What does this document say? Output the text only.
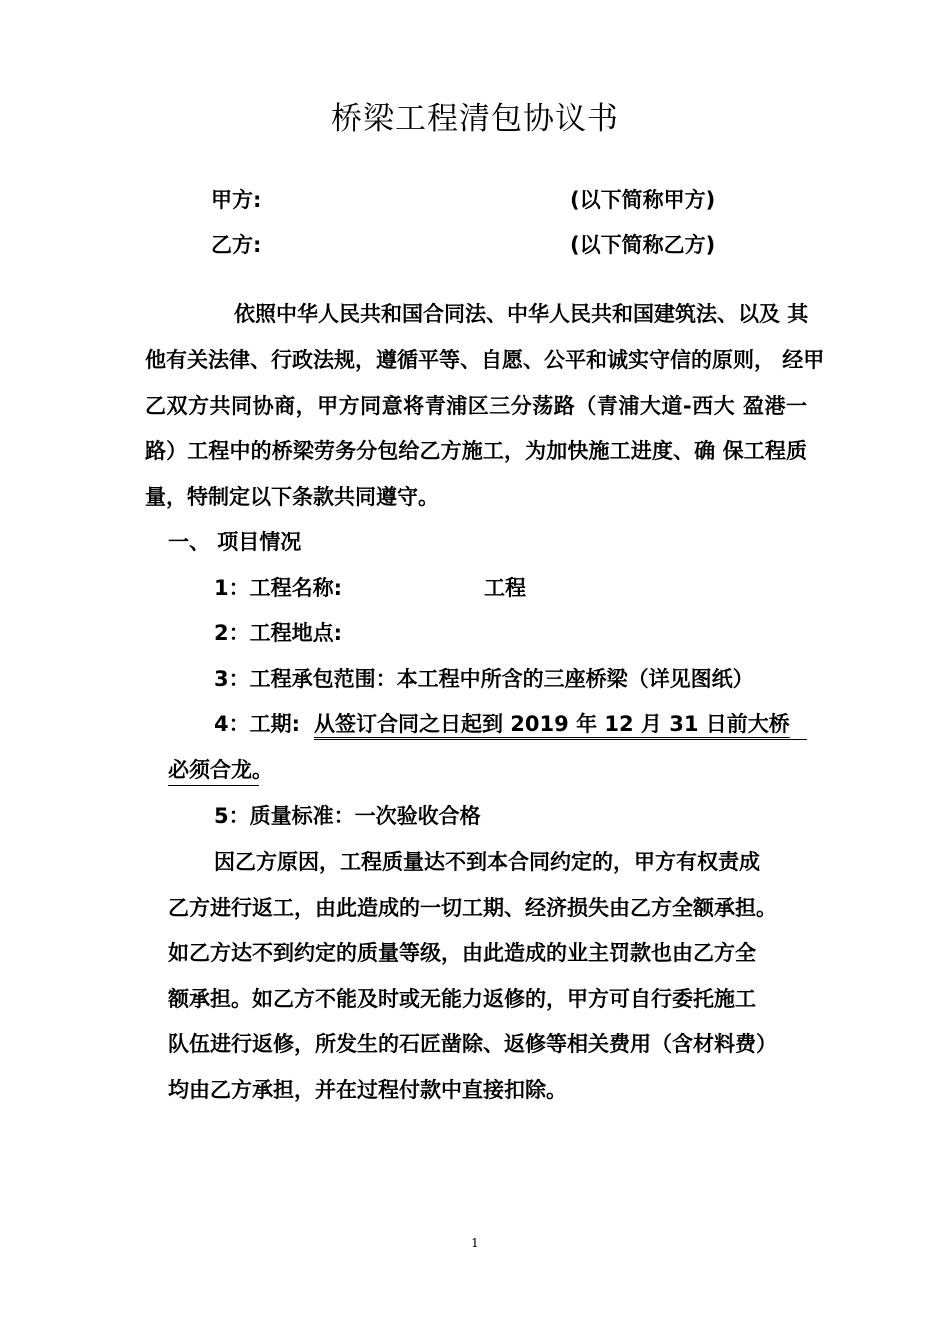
桥梁工程清包协议书
甲方:	(以下简称甲方)
乙方:	(以下简称乙方)
依照中华人民共和国合同法、中华人民共和国建筑法、以及 其
他有关法律、行政法规，遵循平等、自愿、公平和诚实守信的原则， 经甲
乙双方共同协商，甲方同意将青浦区三分荡路（青浦大道-西大 盈港一
路）工程中的桥梁劳务分包给乙方施工，为加快施工进度、确 保工程质
量，特制定以下条款共同遵守。
一、 项目情况
1：工程名称:	工程
2：工程地点:
3：工程承包范围：本工程中所含的三座桥梁（详见图纸）
4：工期: 从签订合同之日起到 2019 年 12 月 31 日前大桥
必须合龙。
5：质量标准：一次验收合格
因乙方原因，工程质量达不到本合同约定的，甲方有权责成
乙方进行返工，由此造成的一切工期、经济损失由乙方全额承担。
如乙方达不到约定的质量等级，由此造成的业主罚款也由乙方全
额承担。如乙方不能及时或无能力返修的，甲方可自行委托施工
队伍进行返修，所发生的石匠凿除、返修等相关费用（含材料费）
均由乙方承担，并在过程付款中直接扣除。
1
